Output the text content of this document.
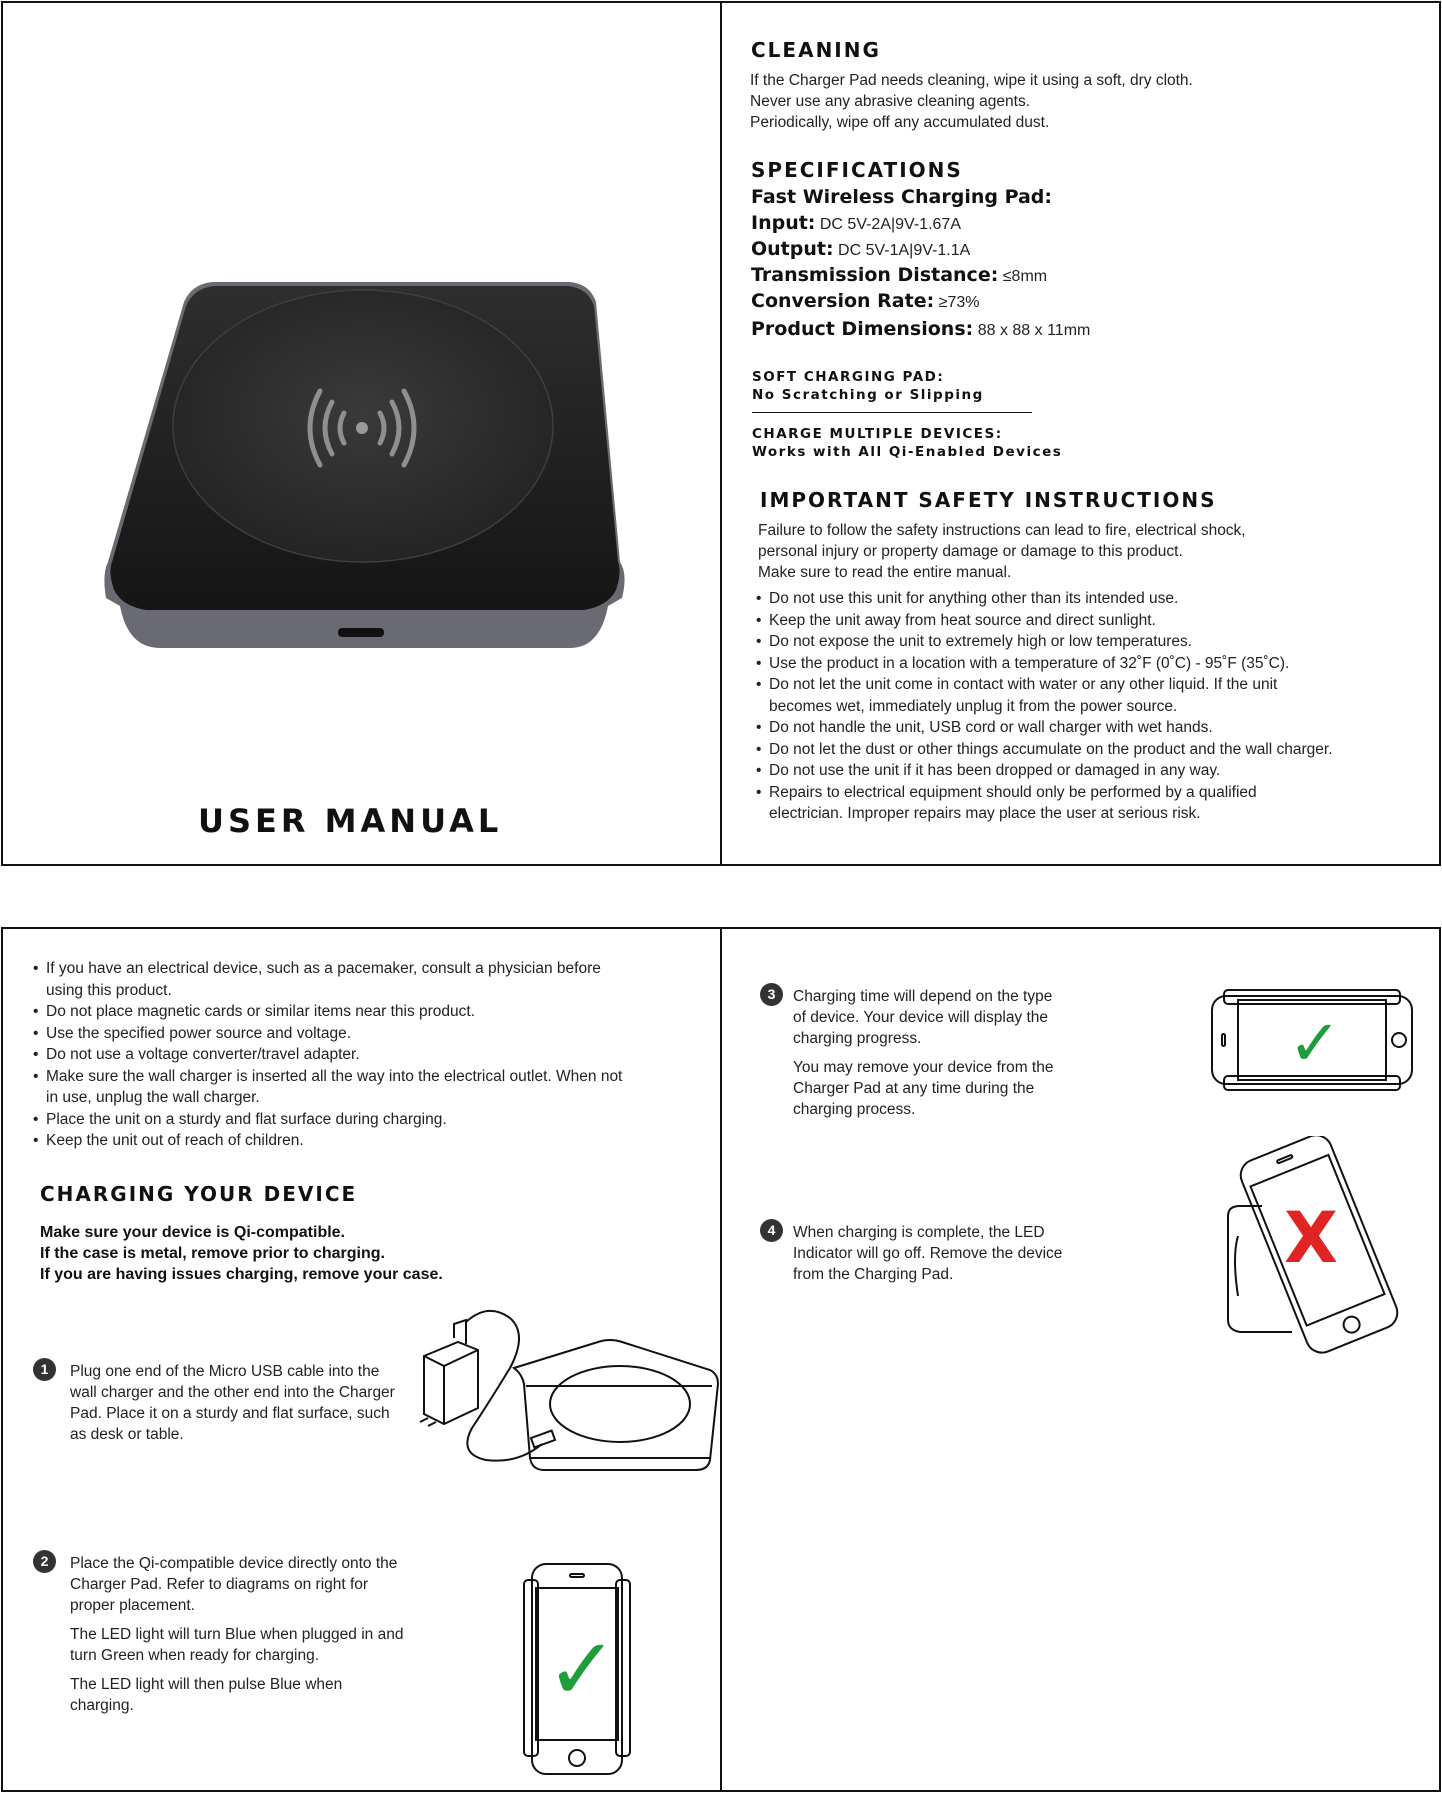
USER MANUAL
CLEANING
If the Charger Pad needs cleaning, wipe it using a soft, dry cloth.
Never use any abrasive cleaning agents.
Periodically, wipe off any accumulated dust.
SPECIFICATIONS
Fast Wireless Charging Pad:
Input: DC 5V-2A|9V-1.67A
Output: DC 5V-1A|9V-1.1A
Transmission Distance: ≤8mm
Conversion Rate: ≥73%
Product Dimensions: 88 x 88 x 11mm
SOFT CHARGING PAD:
No Scratching or Slipping
CHARGE MULTIPLE DEVICES:
Works with All Qi-Enabled Devices
IMPORTANT SAFETY INSTRUCTIONS
Failure to follow the safety instructions can lead to fire, electrical shock,
personal injury or property damage or damage to this product.
Make sure to read the entire manual.
• Do not use this unit for anything other than its intended use.
• Keep the unit away from heat source and direct sunlight.
• Do not expose the unit to extremely high or low temperatures.
• Use the product in a location with a temperature of 32˚F (0˚C) - 95˚F (35˚C).
• Do not let the unit come in contact with water or any other liquid. If the unit becomes wet, immediately unplug it from the power source.
• Do not handle the unit, USB cord or wall charger with wet hands.
• Do not let the dust or other things accumulate on the product and the wall charger.
• Do not use the unit if it has been dropped or damaged in any way.
• Repairs to electrical equipment should only be performed by a qualified electrician. Improper repairs may place the user at serious risk.
• If you have an electrical device, such as a pacemaker, consult a physician before using this product.
• Do not place magnetic cards or similar items near this product.
• Use the specified power source and voltage.
• Do not use a voltage converter/travel adapter.
• Make sure the wall charger is inserted all the way into the electrical outlet. When not in use, unplug the wall charger.
• Place the unit on a sturdy and flat surface during charging.
• Keep the unit out of reach of children.
CHARGING YOUR DEVICE
Make sure your device is Qi-compatible.
If the case is metal, remove prior to charging.
If you are having issues charging, remove your case.
1	Plug one end of the Micro USB cable into the wall charger and the other end into the Charger Pad. Place it on a sturdy and flat surface, such as desk or table.

2	Place the Qi-compatible device directly onto the Charger Pad. Refer to diagrams on right for proper placement.

The LED light will turn Blue when plugged in and turn Green when ready for charging.

The LED light will then pulse Blue when charging.	✓
3	Charging time will depend on the type of device. Your device will display the charging progress.

You may remove your device from the Charger Pad at any time during the charging process.

✓
X
4	When charging is complete, the LED Indicator will go off. Remove the device from the Charging Pad.
